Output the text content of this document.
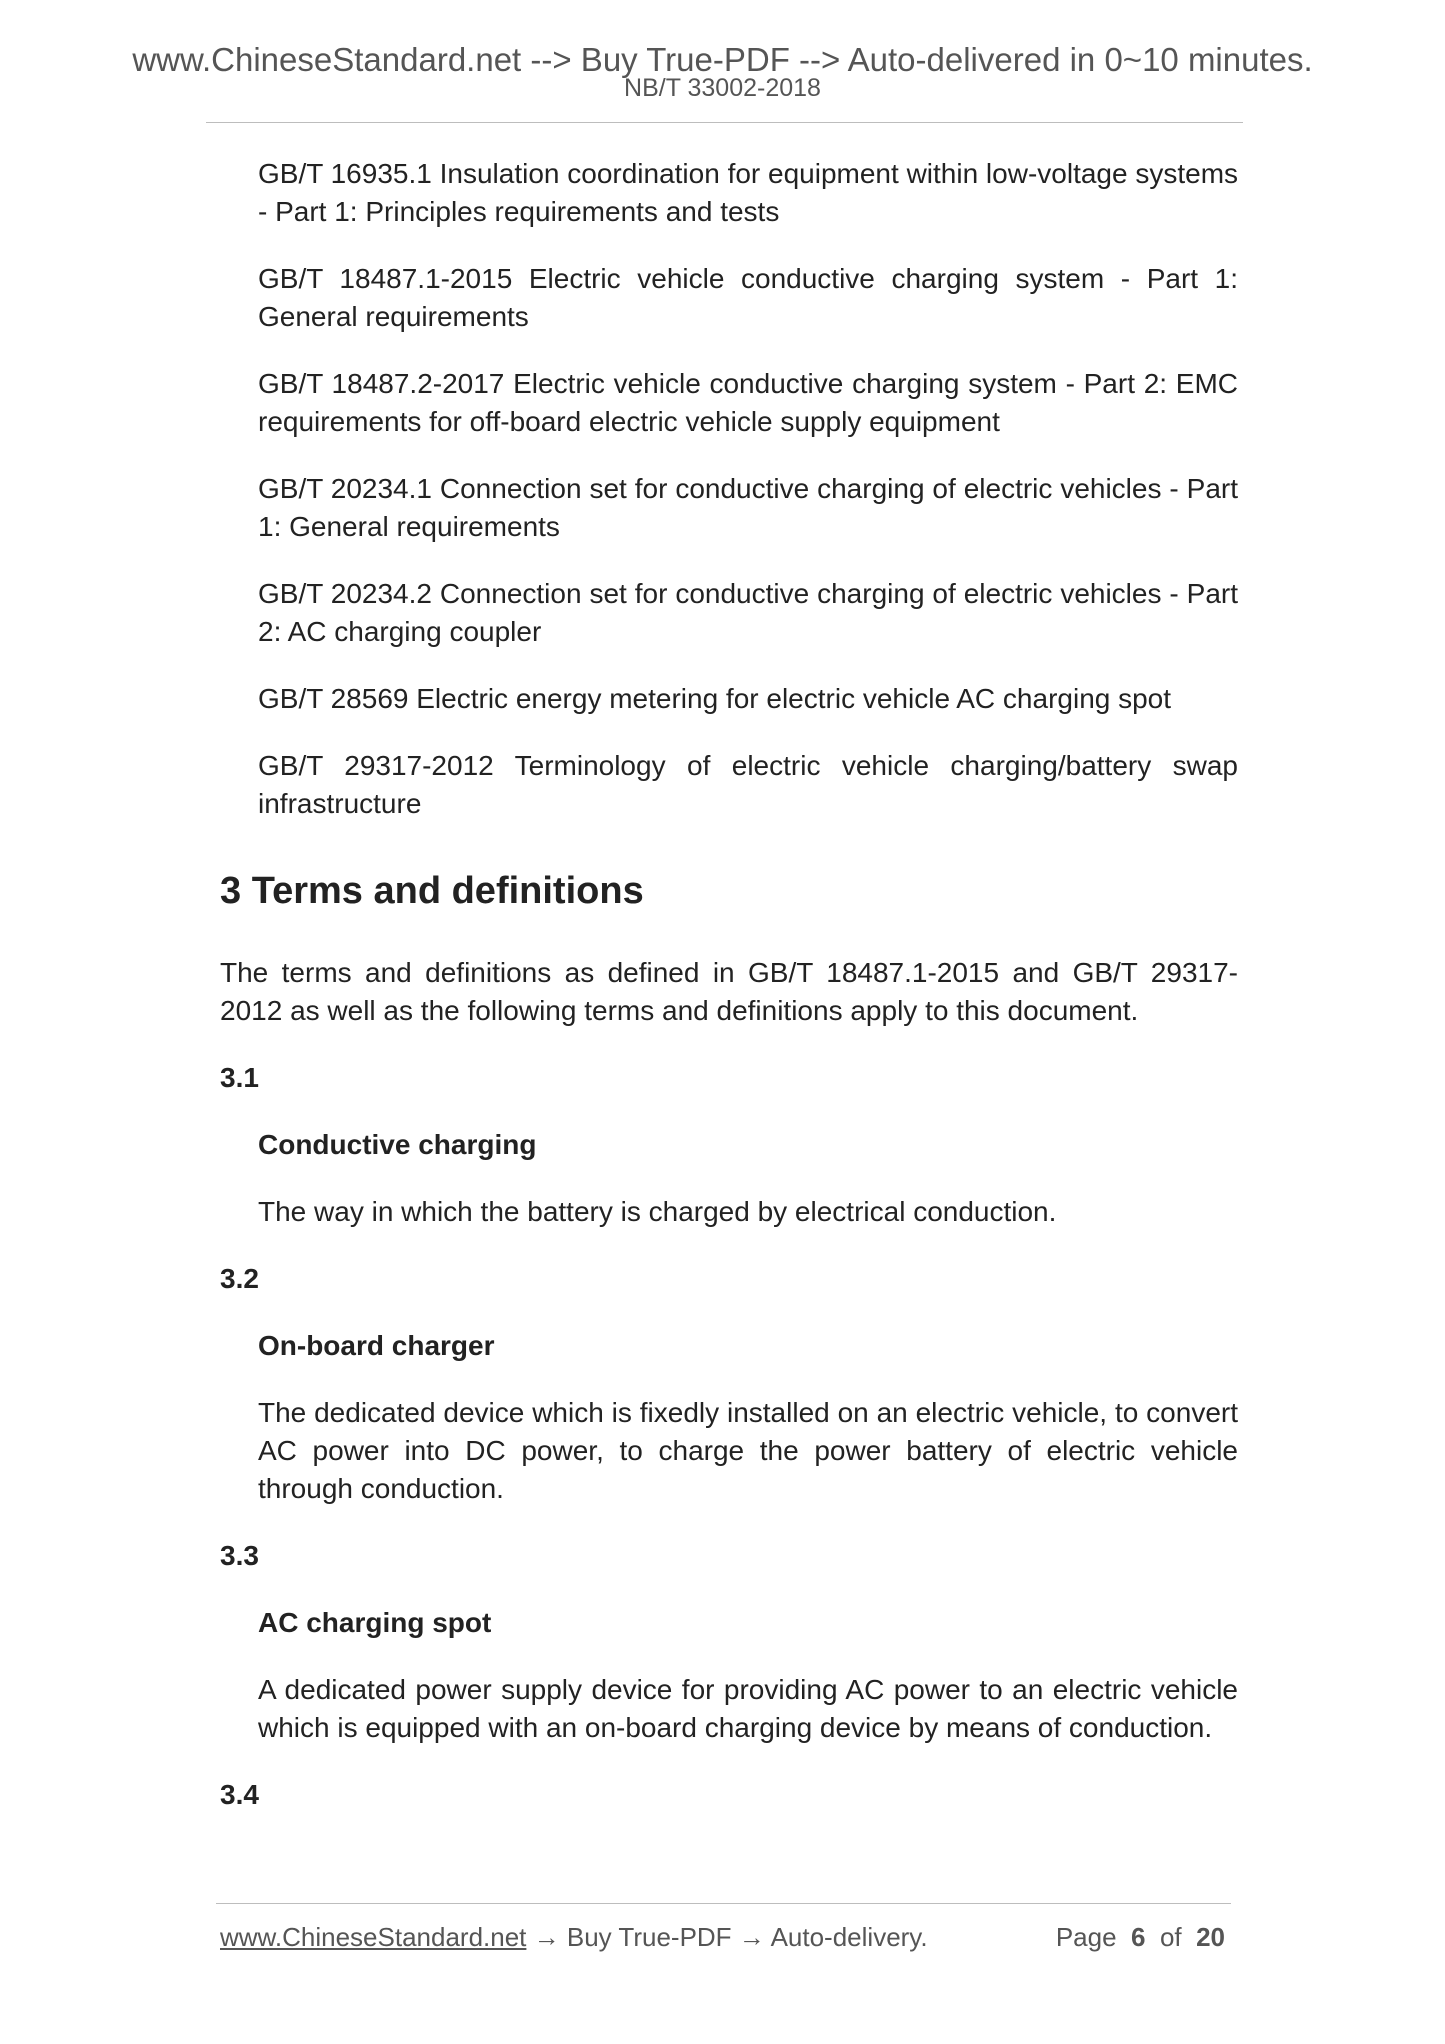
www.ChineseStandard.net --> Buy True-PDF --> Auto-delivered in 0~10 minutes.
NB/T 33002-2018
GB/T 16935.1 Insulation coordination for equipment within low-voltage systems - Part 1: Principles requirements and tests
GB/T 18487.1-2015 Electric vehicle conductive charging system - Part 1: General requirements
GB/T 18487.2-2017 Electric vehicle conductive charging system - Part 2: EMC requirements for off-board electric vehicle supply equipment
GB/T 20234.1 Connection set for conductive charging of electric vehicles - Part 1: General requirements
GB/T 20234.2 Connection set for conductive charging of electric vehicles - Part 2: AC charging coupler
GB/T 28569 Electric energy metering for electric vehicle AC charging spot
GB/T 29317-2012 Terminology of electric vehicle charging/battery swap infrastructure
3 Terms and definitions
The terms and definitions as defined in GB/T 18487.1-2015 and GB/T 29317-2012 as well as the following terms and definitions apply to this document.
3.1
Conductive charging
The way in which the battery is charged by electrical conduction.
3.2
On-board charger
The dedicated device which is fixedly installed on an electric vehicle, to convert AC power into DC power, to charge the power battery of electric vehicle through conduction.
3.3
AC charging spot
A dedicated power supply device for providing AC power to an electric vehicle which is equipped with an on-board charging device by means of conduction.
3.4
www.ChineseStandard.net → Buy True-PDF → Auto-delivery.	Page 6 of 20
